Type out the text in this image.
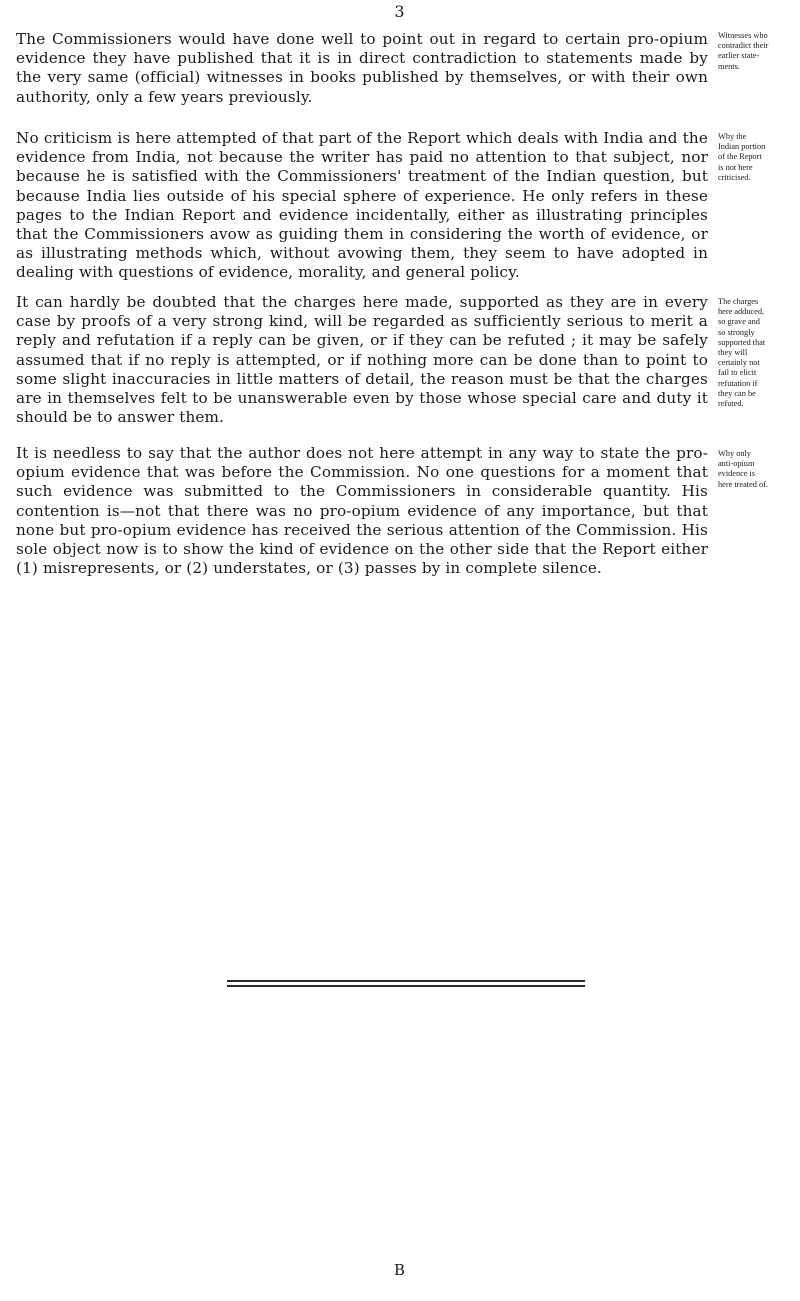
3

The Commissioners would have done well to point out in regard to certain pro-opium evidence they have published that it is in direct contradiction to statements made by the very same (official) witnesses in books published by themselves, or with their own authority, only a few years previously.

Witnesses who
contradict their
earlier state-
ments.

No criticism is here attempted of that part of the Report which deals with India and the evidence from India, not because the writer has paid no attention to that subject, nor because he is satisfied with the Commissioners' treatment of the Indian question, but because India lies outside of his special sphere of experience. He only refers in these pages to the Indian Report and evidence incidentally, either as illustrating principles that the Commissioners avow as guiding them in considering the worth of evidence, or as illustrating methods which, without avowing them, they seem to have adopted in dealing with questions of evidence, morality, and general policy.

Why the
Indian portion
of the Report
is not here
criticised.

It can hardly be doubted that the charges here made, supported as they are in every case by proofs of a very strong kind, will be regarded as sufficiently serious to merit a reply and refutation if a reply can be given, or if they can be refuted ; it may be safely assumed that if no reply is attempted, or if nothing more can be done than to point to some slight inaccuracies in little matters of detail, the reason must be that the charges are in themselves felt to be unanswerable even by those whose special care and duty it should be to answer them.

The charges
here adduced,
so grave and
so strongly
supported that
they will
certainly not
fail to elicit
refutation if
they can be
refuted.

It is needless to say that the author does not here attempt in any way to state the pro-opium evidence that was before the Commission. No one questions for a moment that such evidence was submitted to the Commissioners in considerable quantity. His contention is—not that there was no pro-opium evidence of any importance, but that none but pro-opium evidence has received the serious attention of the Commission. His sole object now is to show the kind of evidence on the other side that the Report either (1) misrepresents, or (2) understates, or (3) passes by in complete silence.

Why only
anti-opium
evidence is
here treated of.
B
